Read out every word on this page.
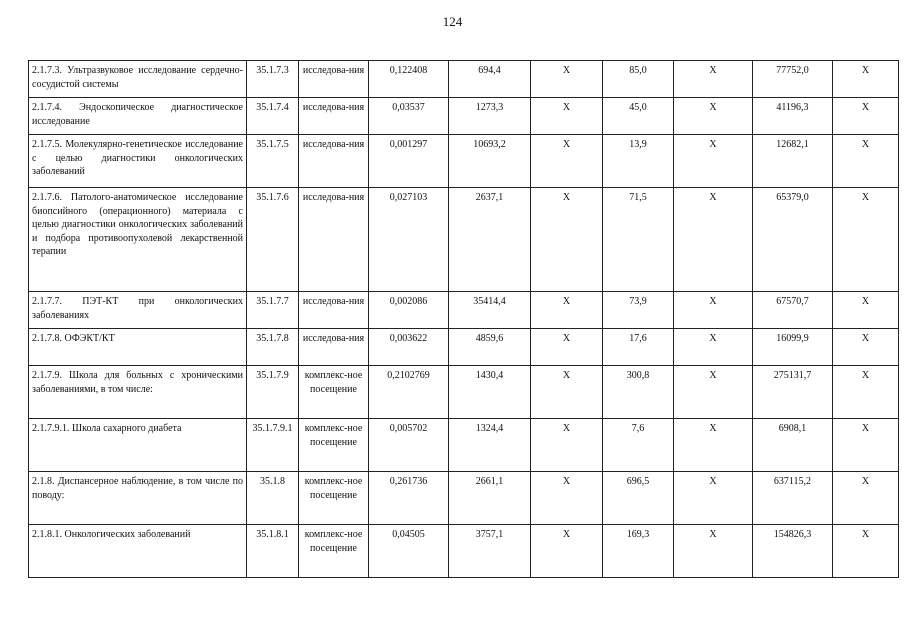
124
2.1.7.3. Ультразвуковое исследование сердечно-сосудистой системы	35.1.7.3	исследова-ния	0,122408	694,4	X	85,0	X	77752,0	X
2.1.7.4. Эндоскопическое диагностическое исследование	35.1.7.4	исследова-ния	0,03537	1273,3	X	45,0	X	41196,3	X
2.1.7.5. Молекулярно-генетическое исследование с целью диагностики онкологических заболеваний	35.1.7.5	исследова-ния	0,001297	10693,2	X	13,9	X	12682,1	X
2.1.7.6. Патолого-анатомическое исследование биопсийного (операционного) материала с целью диагностики онкологических заболеваний и подбора противоопухолевой лекарственной терапии	35.1.7.6	исследова-ния	0,027103	2637,1	X	71,5	X	65379,0	X
2.1.7.7. ПЭТ-КТ при онкологических заболеваниях	35.1.7.7	исследова-ния	0,002086	35414,4	X	73,9	X	67570,7	X
2.1.7.8. ОФЭКТ/КТ	35.1.7.8	исследова-ния	0,003622	4859,6	X	17,6	X	16099,9	X
2.1.7.9. Школа для больных с хроническими заболеваниями, в том числе:	35.1.7.9	комплекс-ное посещение	0,2102769	1430,4	X	300,8	X	275131,7	X
2.1.7.9.1. Школа сахарного диабета	35.1.7.9.1	комплекс-ное посещение	0,005702	1324,4	X	7,6	X	6908,1	X
2.1.8. Диспансерное наблюдение, в том числе по поводу:	35.1.8	комплекс-ное посещение	0,261736	2661,1	X	696,5	X	637115,2	X
2.1.8.1. Онкологических заболеваний	35.1.8.1	комплекс-ное посещение	0,04505	3757,1	X	169,3	X	154826,3	X
